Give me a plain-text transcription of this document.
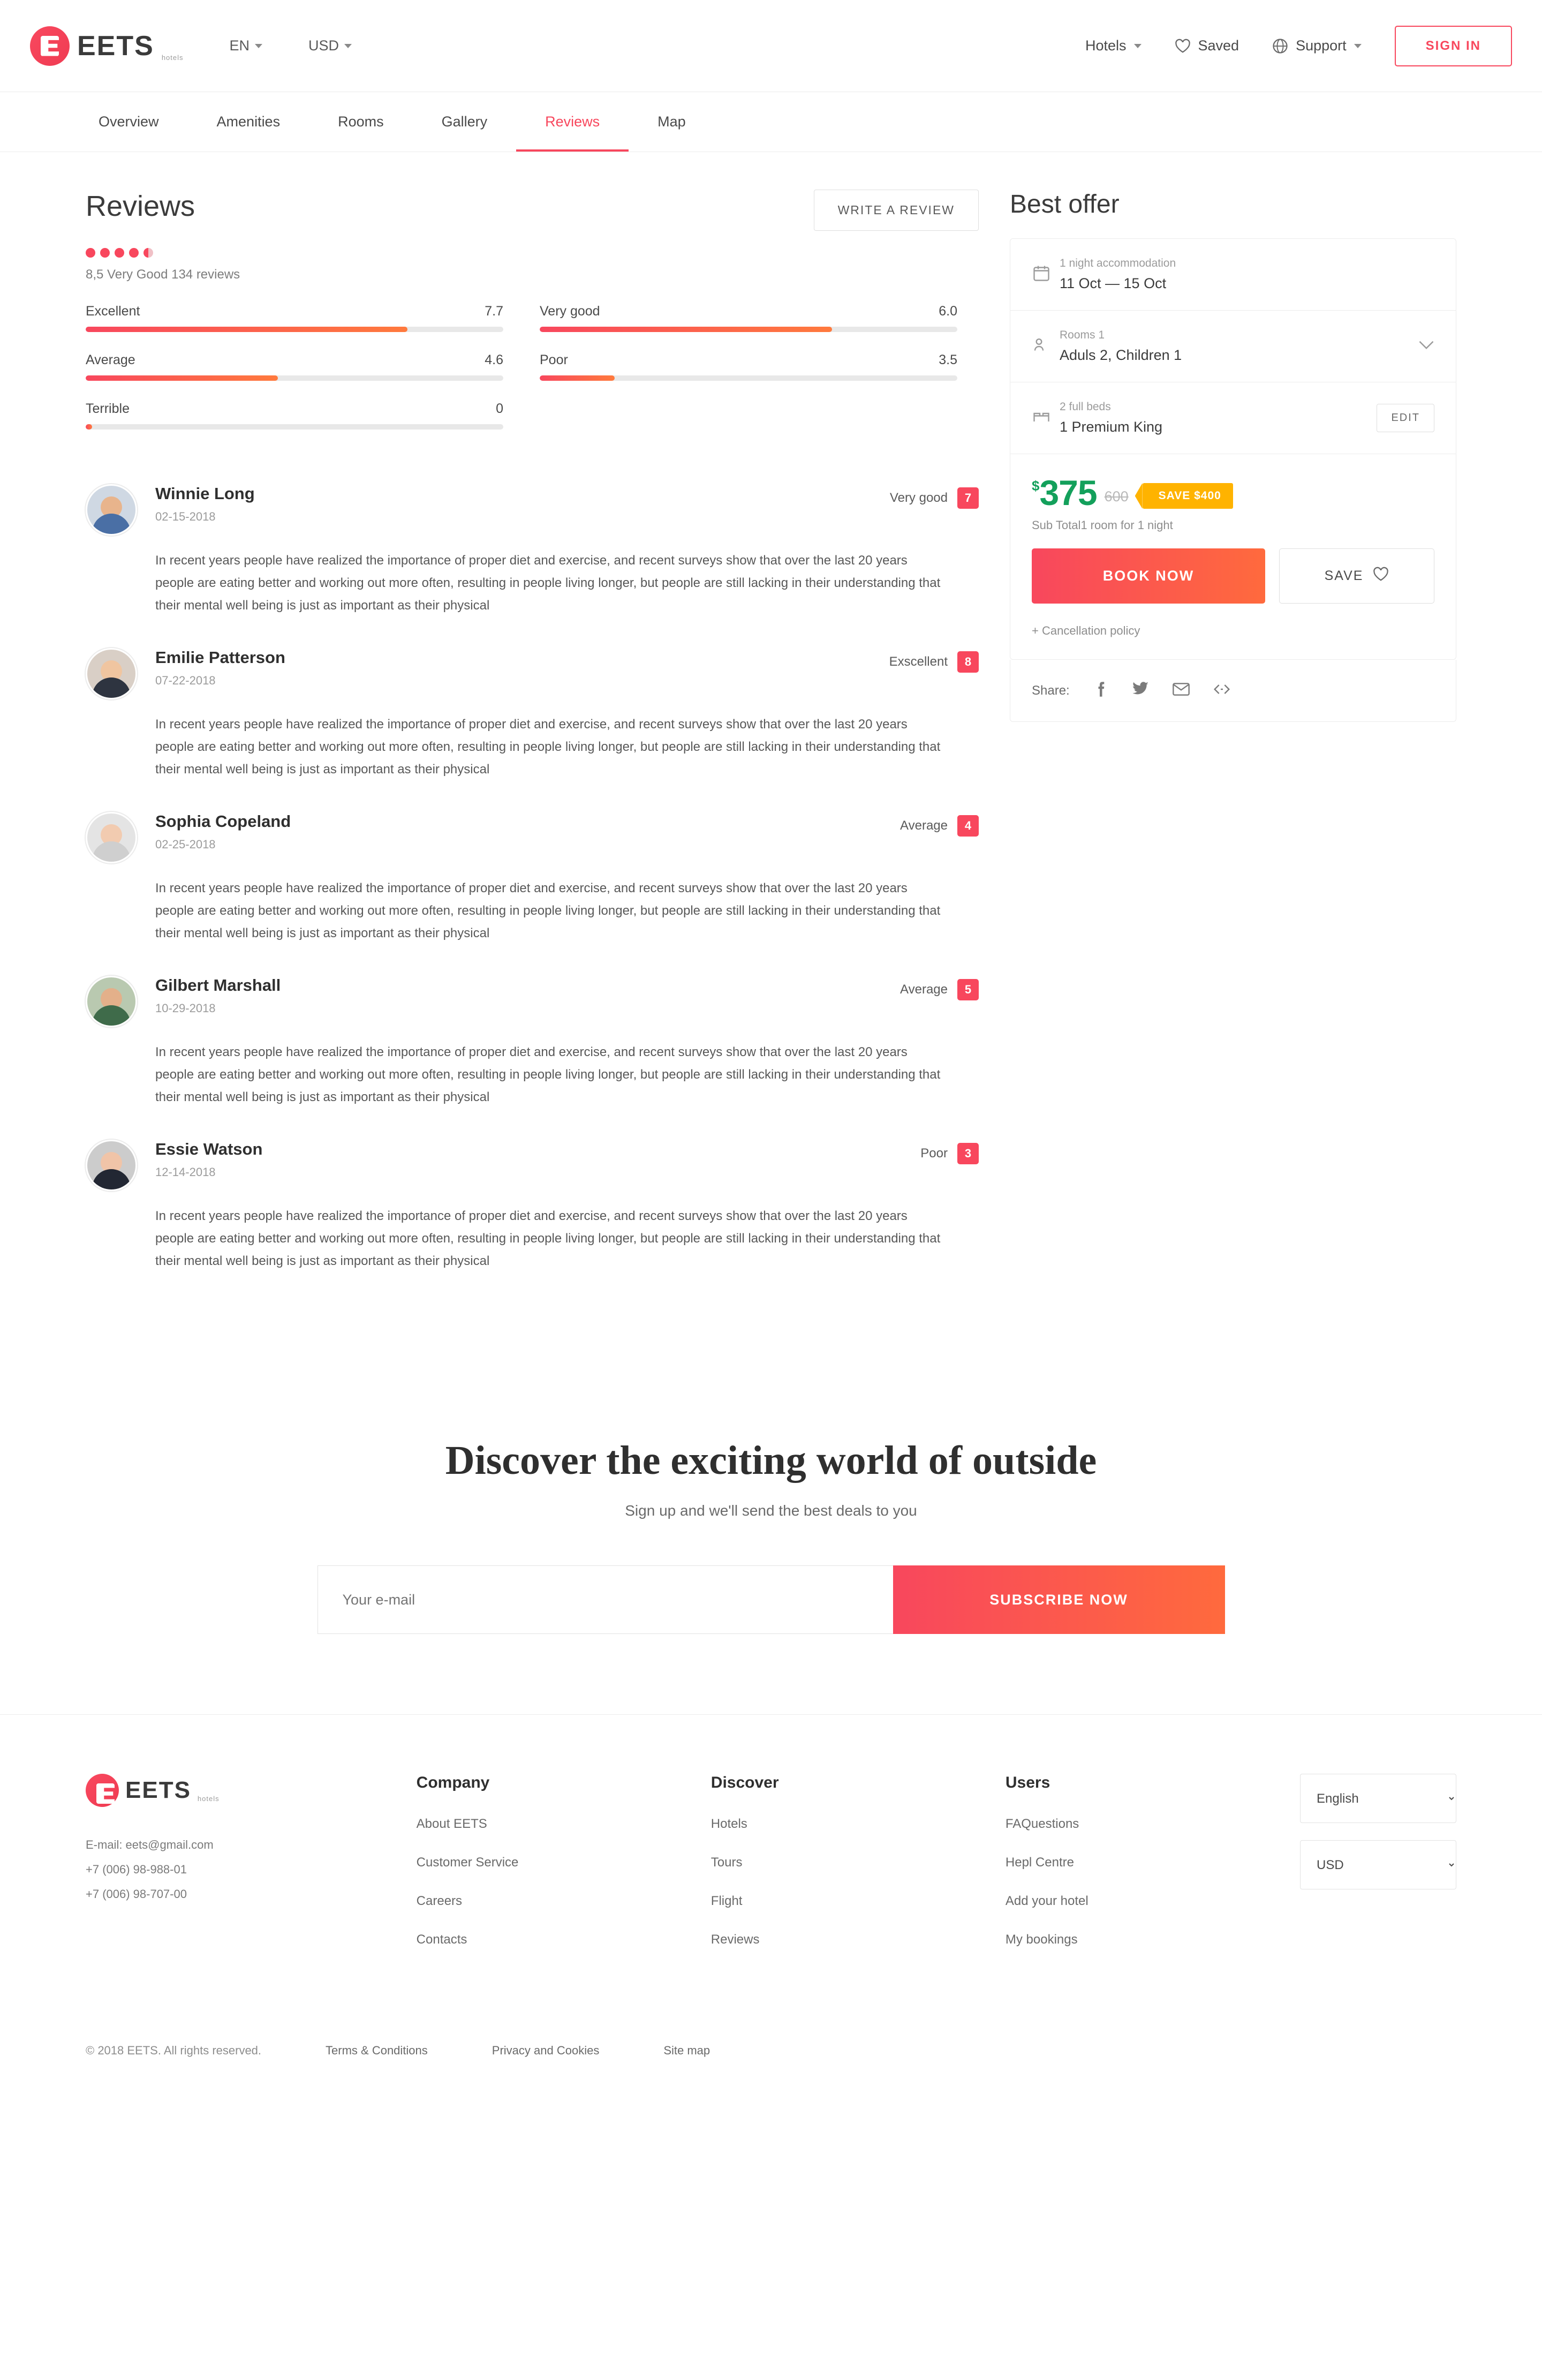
EETS hotels
EN	USD	Hotels	Saved	Support	SIGN IN
Overview	Amenities	Rooms	Gallery	Reviews	Map
Reviews	WRITE A REVIEW
8,5 Very Good 134 reviews
Excellent	7.7	Very good	6.0
Average	4.6	Poor	3.5
Terrible	0
Winnie Long
02-15-2018
Very good	7
In recent years people have realized the importance of proper diet and exercise, and recent surveys show that over the last 20 years people are eating better and working out more often, resulting in people living longer, but people are still lacking in their understanding that their mental well being is just as important as their physical
Emilie Patterson
07-22-2018
Exscellent	8
In recent years people have realized the importance of proper diet and exercise, and recent surveys show that over the last 20 years people are eating better and working out more often, resulting in people living longer, but people are still lacking in their understanding that their mental well being is just as important as their physical
Sophia Copeland
02-25-2018
Average	4
In recent years people have realized the importance of proper diet and exercise, and recent surveys show that over the last 20 years people are eating better and working out more often, resulting in people living longer, but people are still lacking in their understanding that their mental well being is just as important as their physical
Gilbert Marshall
10-29-2018
Average	5
In recent years people have realized the importance of proper diet and exercise, and recent surveys show that over the last 20 years people are eating better and working out more often, resulting in people living longer, but people are still lacking in their understanding that their mental well being is just as important as their physical
Essie Watson
12-14-2018
Poor	3
In recent years people have realized the importance of proper diet and exercise, and recent surveys show that over the last 20 years people are eating better and working out more often, resulting in people living longer, but people are still lacking in their understanding that their mental well being is just as important as their physical
Best offer
1 night accommodation
11 Oct — 15 Oct
Rooms 1
Aduls 2, Children 1
2 full beds
1 Premium King
EDIT
$ 375 600	SAVE $400
Sub Total1 room for 1 night
BOOK NOW	SAVE
+ Cancellation policy
Share:
Discover the exciting world of outside
Sign up and we'll send the best deals to you
Your e-mail
SUBSCRIBE NOW
EETS hotels
E-mail: eets@gmail.com
+7 (006) 98-988-01
+7 (006) 98-707-00
Company
About EETS
Customer Service
Careers
Contacts
Discover
Hotels
Tours
Flight
Reviews
Users
FAQuestions
Hepl Centre
Add your hotel
My bookings
English
USD
© 2018 EETS. All rights reserved.	Terms & Conditions	Privacy and Cookies	Site map
